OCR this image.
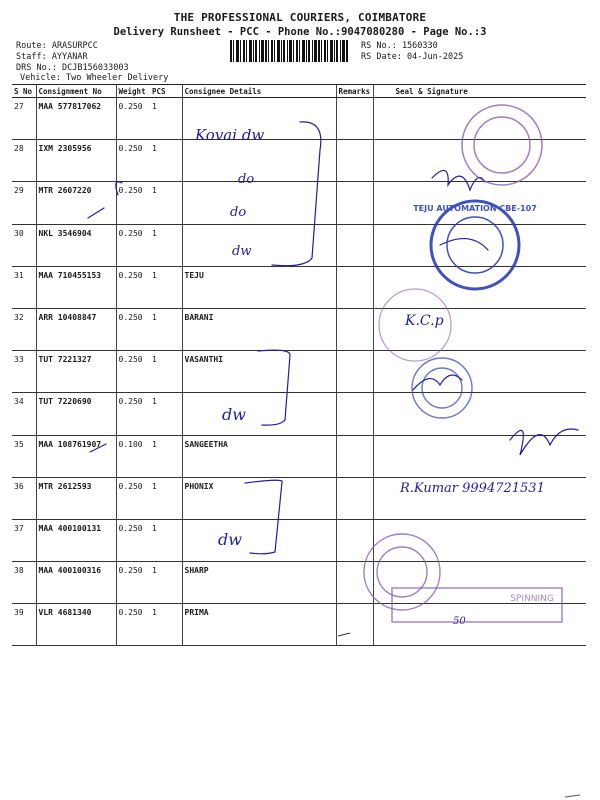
THE PROFESSIONAL COURIERS, COIMBATORE
Delivery Runsheet - PCC - Phone No.:9047080280 - Page No.:3
Route: ARASURPCC
Staff: AYYANAR
DRS No.: DCJB156033003
Vehicle: Two Wheeler Delivery
RS No.: 1560330
RS Date: 04-Jun-2025
S No	Consignment No	Weight	PCS	Consignee Details	Remarks	Seal & Signature
27	MAA 577817062	0.250	1			
28	IXM 2305956	0.250	1			
29	MTR 2607220	0.250	1			
30	NKL 3546904	0.250	1			
31	MAA 710455153	0.250	1	TEJU		
32	ARR 10408847	0.250	1	BARANI		
33	TUT 7221327	0.250	1	VASANTHI		
34	TUT 7220690	0.250	1			
35	MAA 108761907	0.100	1	SANGEETHA		
36	MTR 2612593	0.250	1	PHONIX		
37	MAA 400100131	0.250	1			
38	MAA 400100316	0.250	1	SHARP		
39	VLR 4681340	0.250	1	PRIMA		
Kovai dw
do
do
dw
dw
dw
K.C.p
R.Kumar 9994721531
50
TEJU AUTOMATION CBE-107
SPINNING
